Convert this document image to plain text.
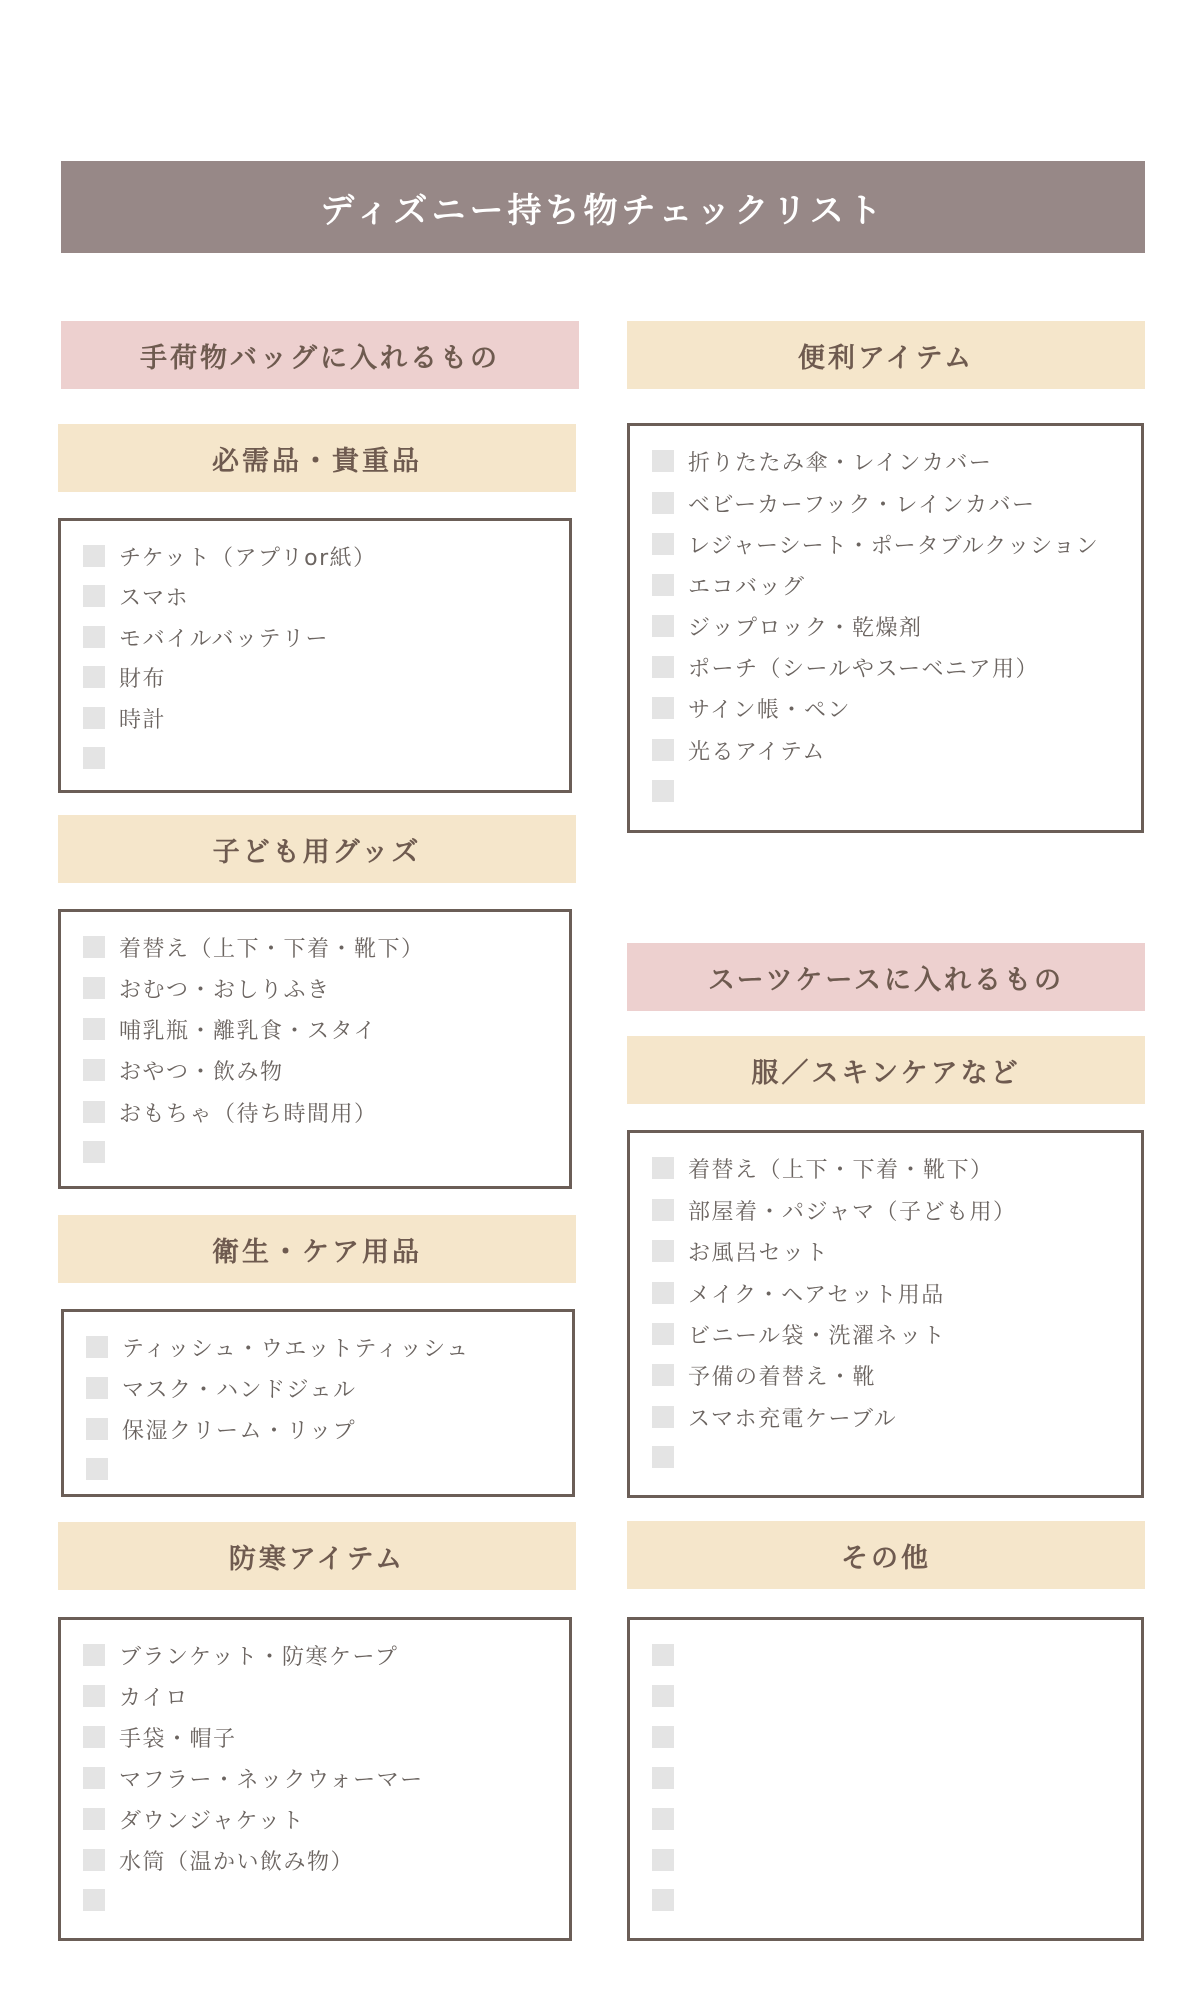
ディズニー持ち物チェックリスト
手荷物バッグに入れるもの
必需品・貴重品
チケット（アプリor紙）
スマホ
モバイルバッテリー
財布
時計
子ども用グッズ
着替え（上下・下着・靴下）
おむつ・おしりふき
哺乳瓶・離乳食・スタイ
おやつ・飲み物
おもちゃ（待ち時間用）
衛生・ケア用品
ティッシュ・ウエットティッシュ
マスク・ハンドジェル
保湿クリーム・リップ
防寒アイテム
ブランケット・防寒ケープ
カイロ
手袋・帽子
マフラー・ネックウォーマー
ダウンジャケット
水筒（温かい飲み物）
便利アイテム
折りたたみ傘・レインカバー
ベビーカーフック・レインカバー
レジャーシート・ポータブルクッション
エコバッグ
ジップロック・乾燥剤
ポーチ（シールやスーベニア用）
サイン帳・ペン
光るアイテム
スーツケースに入れるもの
服／スキンケアなど
着替え（上下・下着・靴下）
部屋着・パジャマ（子ども用）
お風呂セット
メイク・ヘアセット用品
ビニール袋・洗濯ネット
予備の着替え・靴
スマホ充電ケーブル
その他
